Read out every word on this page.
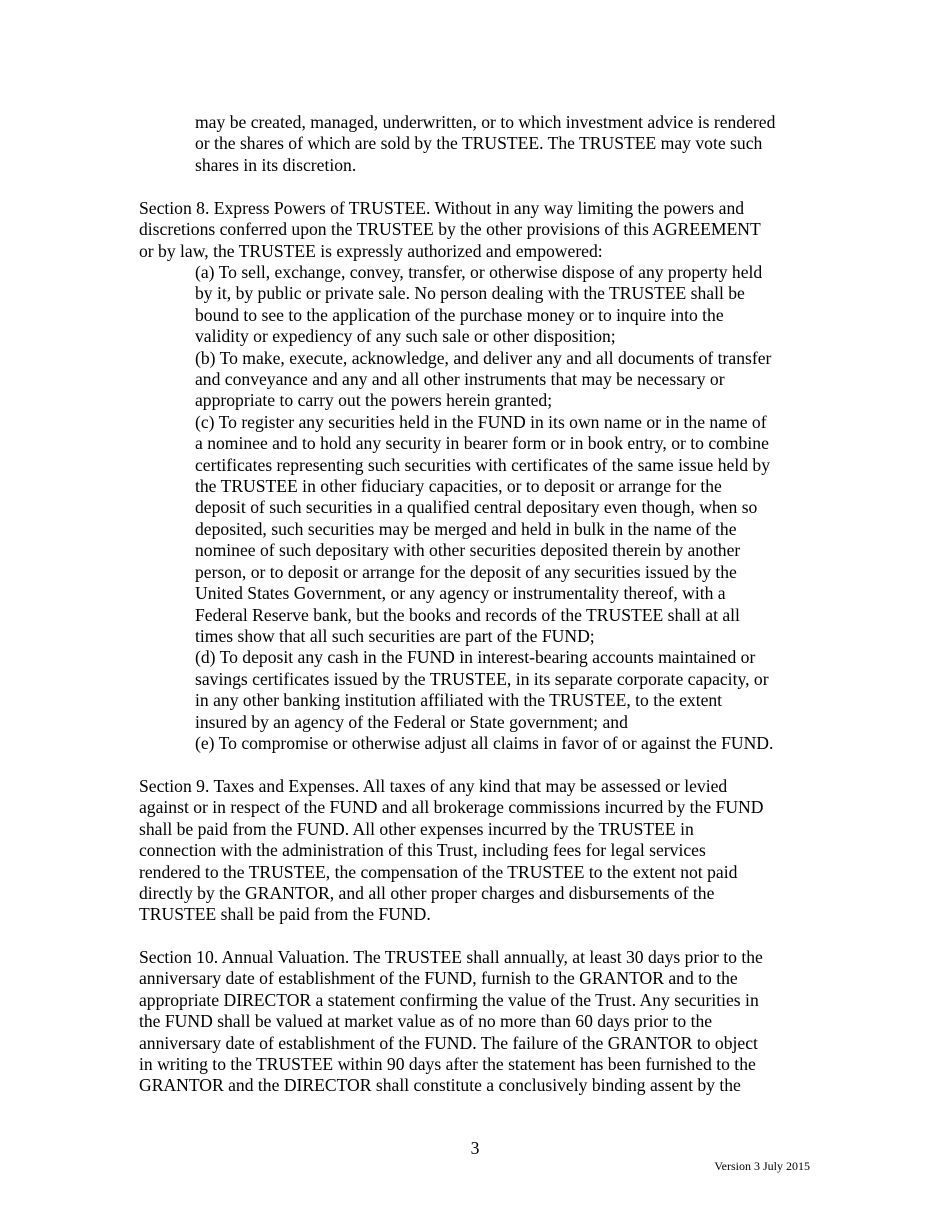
may be created, managed, underwritten, or to which investment advice is rendered
or the shares of which are sold by the TRUSTEE. The TRUSTEE may vote such
shares in its discretion.
Section 8. Express Powers of TRUSTEE. Without in any way limiting the powers and
discretions conferred upon the TRUSTEE by the other provisions of this AGREEMENT
or by law, the TRUSTEE is expressly authorized and empowered:
(a) To sell, exchange, convey, transfer, or otherwise dispose of any property held
by it, by public or private sale. No person dealing with the TRUSTEE shall be
bound to see to the application of the purchase money or to inquire into the
validity or expediency of any such sale or other disposition;
(b) To make, execute, acknowledge, and deliver any and all documents of transfer
and conveyance and any and all other instruments that may be necessary or
appropriate to carry out the powers herein granted;
(c) To register any securities held in the FUND in its own name or in the name of
a nominee and to hold any security in bearer form or in book entry, or to combine
certificates representing such securities with certificates of the same issue held by
the TRUSTEE in other fiduciary capacities, or to deposit or arrange for the
deposit of such securities in a qualified central depositary even though, when so
deposited, such securities may be merged and held in bulk in the name of the
nominee of such depositary with other securities deposited therein by another
person, or to deposit or arrange for the deposit of any securities issued by the
United States Government, or any agency or instrumentality thereof, with a
Federal Reserve bank, but the books and records of the TRUSTEE shall at all
times show that all such securities are part of the FUND;
(d) To deposit any cash in the FUND in interest-bearing accounts maintained or
savings certificates issued by the TRUSTEE, in its separate corporate capacity, or
in any other banking institution affiliated with the TRUSTEE, to the extent
insured by an agency of the Federal or State government; and
(e) To compromise or otherwise adjust all claims in favor of or against the FUND.
Section 9. Taxes and Expenses. All taxes of any kind that may be assessed or levied
against or in respect of the FUND and all brokerage commissions incurred by the FUND
shall be paid from the FUND. All other expenses incurred by the TRUSTEE in
connection with the administration of this Trust, including fees for legal services
rendered to the TRUSTEE, the compensation of the TRUSTEE to the extent not paid
directly by the GRANTOR, and all other proper charges and disbursements of the
TRUSTEE shall be paid from the FUND.
Section 10. Annual Valuation. The TRUSTEE shall annually, at least 30 days prior to the
anniversary date of establishment of the FUND, furnish to the GRANTOR and to the
appropriate DIRECTOR a statement confirming the value of the Trust. Any securities in
the FUND shall be valued at market value as of no more than 60 days prior to the
anniversary date of establishment of the FUND. The failure of the GRANTOR to object
in writing to the TRUSTEE within 90 days after the statement has been furnished to the
GRANTOR and the DIRECTOR shall constitute a conclusively binding assent by the
3
Version 3 July 2015
